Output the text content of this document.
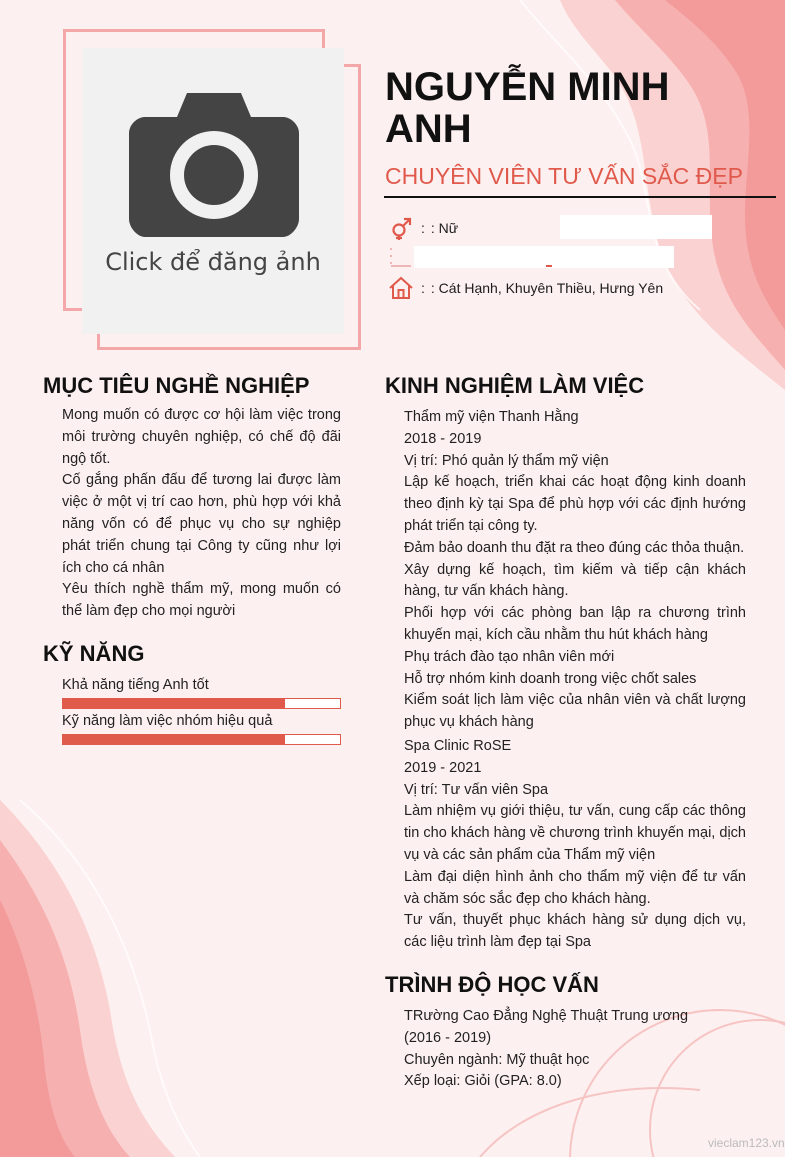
Click để đăng ảnh
NGUYỄN MINH
ANH
CHUYÊN VIÊN TƯ VẤN SẮC ĐẸP
: : Nữ
: : Cát Hạnh, Khuyên Thiều, Hưng Yên
MỤC TIÊU NGHỀ NGHIỆP
Mong muốn có được cơ hội làm việc trong môi trường chuyên nghiệp, có chế độ đãi ngộ tốt.
Cố gắng phấn đấu để tương lai được làm việc ở một vị trí cao hơn, phù hợp với khả năng vốn có để phục vụ cho sự nghiệp phát triển chung tại Công ty cũng như lợi ích cho cá nhân
Yêu thích nghề thẩm mỹ, mong muốn có thể làm đẹp cho mọi người
KỸ NĂNG
Khả năng tiếng Anh tốt
Kỹ năng làm việc nhóm hiệu quả
KINH NGHIỆM LÀM VIỆC
Thẩm mỹ viện Thanh Hằng
2018 - 2019
Vị trí: Phó quản lý thẩm mỹ viện
Lập kế hoạch, triển khai các hoạt động kinh doanh theo định kỳ tại Spa để phù hợp với các định hướng phát triển tại công ty.
Đảm bảo doanh thu đặt ra theo đúng các thỏa thuận.
Xây dựng kế hoạch, tìm kiếm và tiếp cận khách hàng, tư vấn khách hàng.
Phối hợp với các phòng ban lập ra chương trình khuyến mại, kích cầu nhằm thu hút khách hàng
Phụ trách đào tạo nhân viên mới
Hỗ trợ nhóm kinh doanh trong việc chốt sales
Kiểm soát lịch làm việc của nhân viên và chất lượng phục vụ khách hàng
Spa Clinic RoSE
2019 - 2021
Vị trí: Tư vấn viên Spa
Làm nhiệm vụ giới thiệu, tư vấn, cung cấp các thông tin cho khách hàng về chương trình khuyến mại, dịch vụ và các sản phẩm của Thẩm mỹ viện
Làm đại diện hình ảnh cho thẩm mỹ viện để tư vấn và chăm sóc sắc đẹp cho khách hàng.
Tư vấn, thuyết phục khách hàng sử dụng dịch vụ, các liệu trình làm đẹp tại Spa
TRÌNH ĐỘ HỌC VẤN
TRường Cao Đẳng Nghệ Thuật Trung ương
(2016 - 2019)
Chuyên ngành: Mỹ thuật học
Xếp loại: Giỏi (GPA: 8.0)
vieclam123.vn
